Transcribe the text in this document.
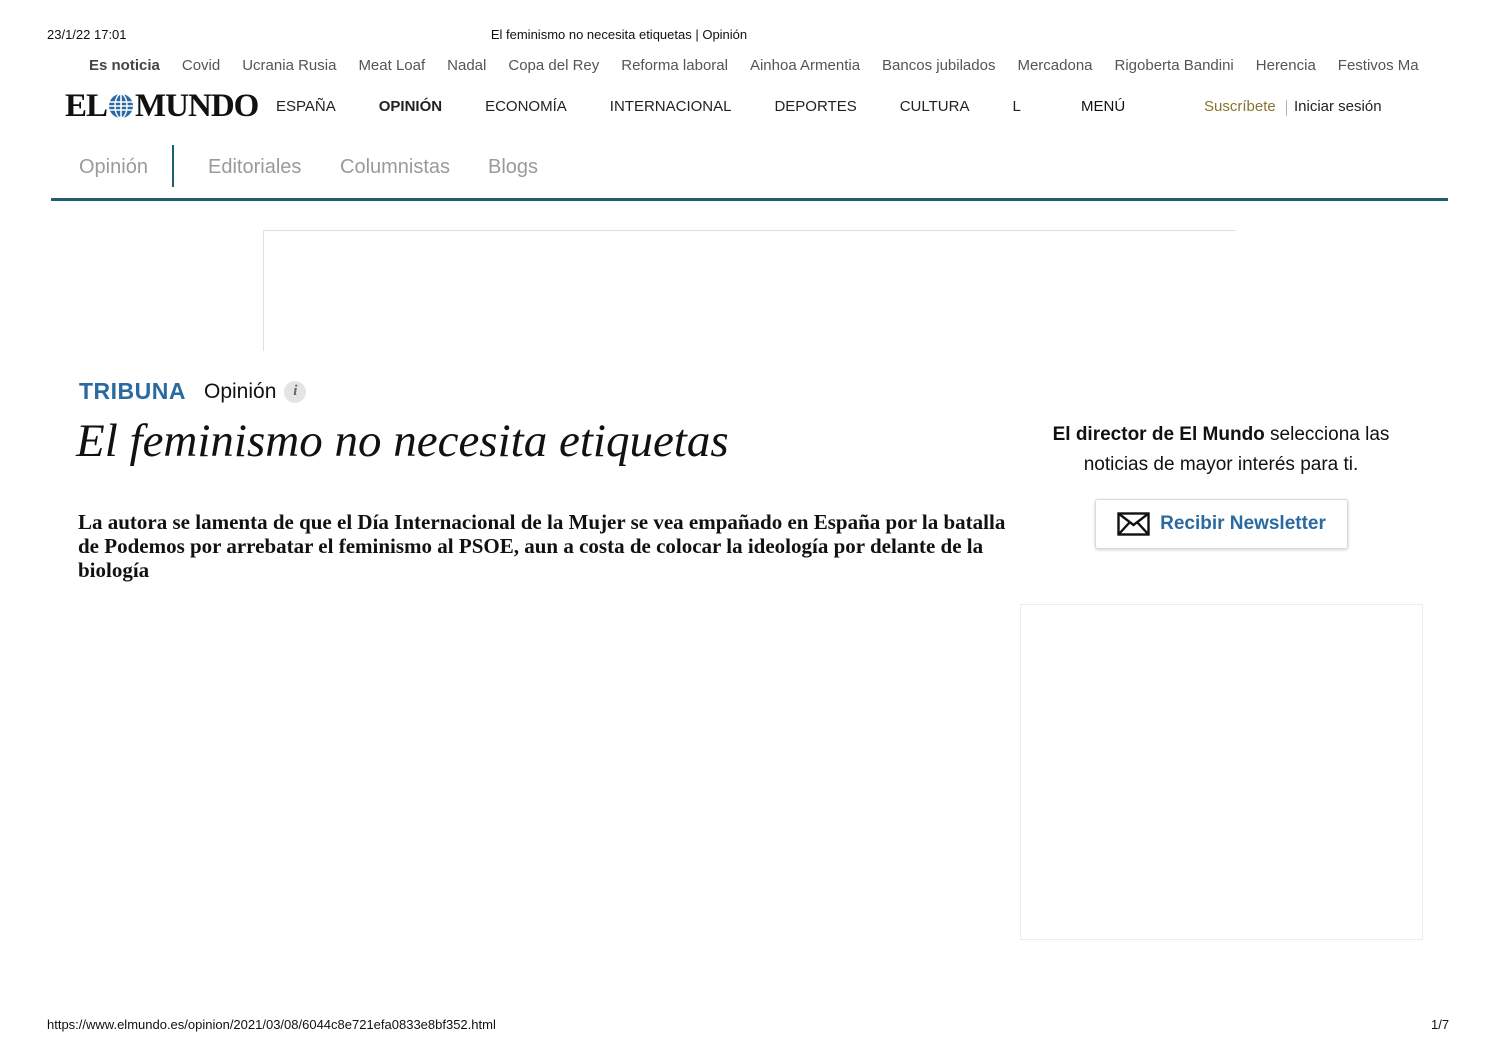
23/1/22 17:01	El feminismo no necesita etiquetas | Opinión
Es noticia Covid Ucrania Rusia Meat Loaf Nadal Copa del Rey Reforma laboral Ainhoa Armentia Bancos jubilados Mercadona Rigoberta Bandini Herencia Festivos Ma
EL MUNDO ESPAÑA	OPINIÓN	ECONOMÍA	INTERNACIONAL	DEPORTES	CULTURA	L	MENÚ	Suscríbete Iniciar sesión
Opinión	Editoriales Columnistas Blogs
TRIBUNA Opinión	i
El feminismo no necesita etiquetas

La autora se lamenta de que el Día Internacional de la Mujer se vea empañado en España por la batalla de Podemos por arrebatar el feminismo al PSOE, aun a costa de colocar la ideología por delante de la biología

El director de El Mundo selecciona las noticias de mayor interés para ti.
Recibir Newsletter
https://www.elmundo.es/opinion/2021/03/08/6044c8e721efa0833e8bf352.html	1/7
